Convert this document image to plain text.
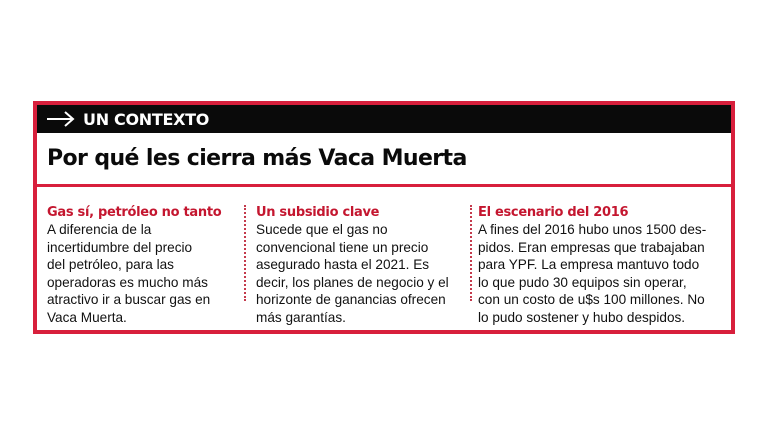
UN CONTEXTO
Por qué les cierra más Vaca Muerta
Gas sí, petróleo no tanto
A diferencia de la
incertidumbre del precio
del petróleo, para las
operadoras es mucho más
atractivo ir a buscar gas en
Vaca Muerta.
Un subsidio clave
Sucede que el gas no
convencional tiene un precio
asegurado hasta el 2021. Es
decir, los planes de negocio y el
horizonte de ganancias ofrecen
más garantías.
El escenario del 2016
A fines del 2016 hubo unos 1500 des-
pidos. Eran empresas que trabajaban
para YPF. La empresa mantuvo todo
lo que pudo 30 equipos sin operar,
con un costo de u$s 100 millones. No
lo pudo sostener y hubo despidos.
